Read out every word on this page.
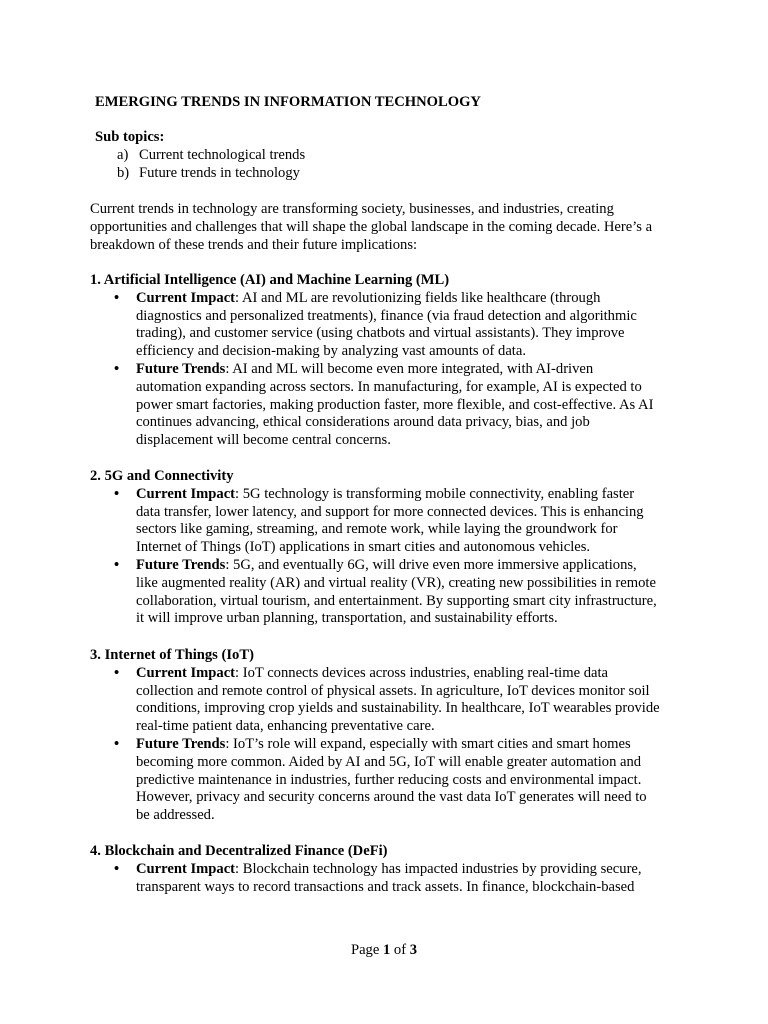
EMERGING TRENDS IN INFORMATION TECHNOLOGY
Sub topics:
a) Current technological trends
b) Future trends in technology

Current trends in technology are transforming society, businesses, and industries, creating
opportunities and challenges that will shape the global landscape in the coming decade. Here’s a
breakdown of these trends and their future implications:

1. Artificial Intelligence (AI) and Machine Learning (ML)
• Current Impact: AI and ML are revolutionizing fields like healthcare (through
diagnostics and personalized treatments), finance (via fraud detection and algorithmic
trading), and customer service (using chatbots and virtual assistants). They improve
efficiency and decision-making by analyzing vast amounts of data.
• Future Trends: AI and ML will become even more integrated, with AI-driven
automation expanding across sectors. In manufacturing, for example, AI is expected to
power smart factories, making production faster, more flexible, and cost-effective. As AI
continues advancing, ethical considerations around data privacy, bias, and job
displacement will become central concerns.
2. 5G and Connectivity
• Current Impact: 5G technology is transforming mobile connectivity, enabling faster
data transfer, lower latency, and support for more connected devices. This is enhancing
sectors like gaming, streaming, and remote work, while laying the groundwork for
Internet of Things (IoT) applications in smart cities and autonomous vehicles.
• Future Trends: 5G, and eventually 6G, will drive even more immersive applications,
like augmented reality (AR) and virtual reality (VR), creating new possibilities in remote
collaboration, virtual tourism, and entertainment. By supporting smart city infrastructure,
it will improve urban planning, transportation, and sustainability efforts.
3. Internet of Things (IoT)
• Current Impact: IoT connects devices across industries, enabling real-time data
collection and remote control of physical assets. In agriculture, IoT devices monitor soil
conditions, improving crop yields and sustainability. In healthcare, IoT wearables provide
real-time patient data, enhancing preventative care.
• Future Trends: IoT’s role will expand, especially with smart cities and smart homes
becoming more common. Aided by AI and 5G, IoT will enable greater automation and
predictive maintenance in industries, further reducing costs and environmental impact.
However, privacy and security concerns around the vast data IoT generates will need to
be addressed.
4. Blockchain and Decentralized Finance (DeFi)
• Current Impact: Blockchain technology has impacted industries by providing secure,
transparent ways to record transactions and track assets. In finance, blockchain-based
Page 1 of 3
